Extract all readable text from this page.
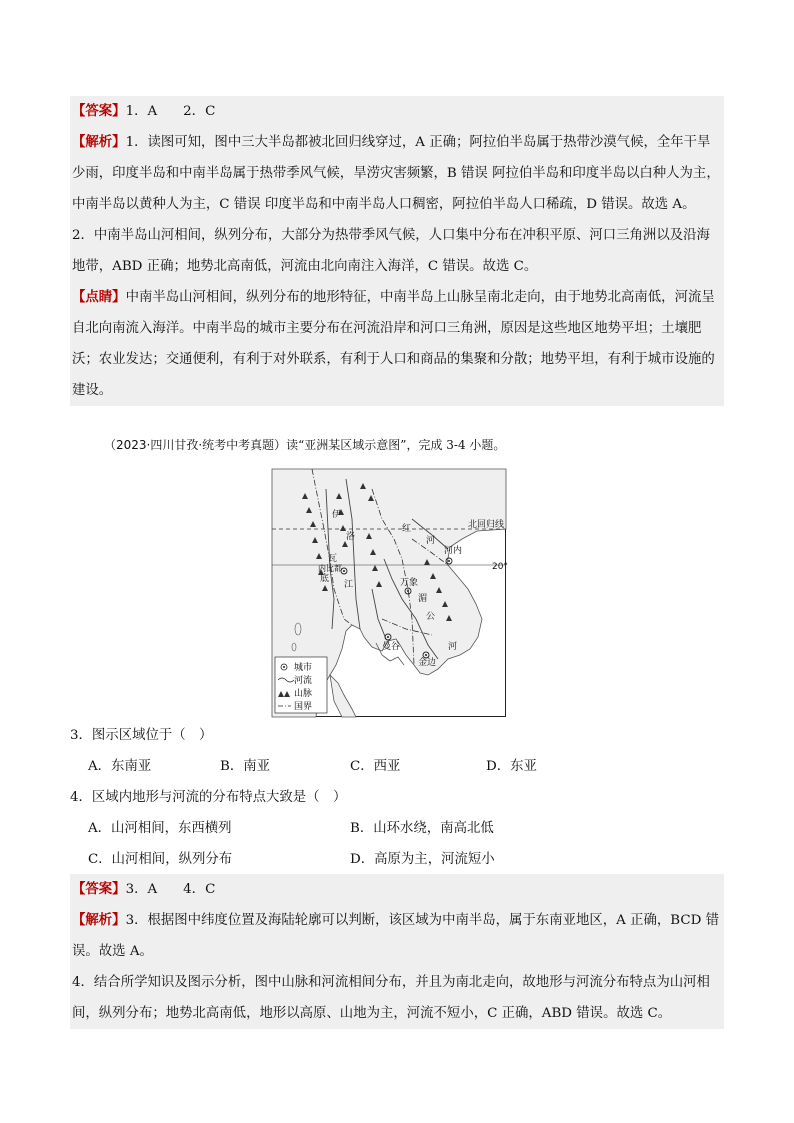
【答案】1．A 2．C

【解析】1．读图可知，图中三大半岛都被北回归线穿过，A 正确；阿拉伯半岛属于热带沙漠气候，全年干旱少雨，印度半岛和中南半岛属于热带季风气候，旱涝灾害频繁，B 错误 阿拉伯半岛和印度半岛以白种人为主，中南半岛以黄种人为主，C 错误 印度半岛和中南半岛人口稠密，阿拉伯半岛人口稀疏，D 错误。故选 A。

2．中南半岛山河相间，纵列分布，大部分为热带季风气候，人口集中分布在冲积平原、河口三角洲以及沿海地带，ABD 正确；地势北高南低，河流由北向南注入海洋，C 错误。故选 C。

【点睛】中南半岛山河相间，纵列分布的地形特征，中南半岛上山脉呈南北走向，由于地势北高南低，河流呈自北向南流入海洋。中南半岛的城市主要分布在河流沿岸和河口三角洲，原因是这些地区地势平坦；土壤肥沃；农业发达；交通便利，有利于对外联系，有利于人口和商品的集聚和分散；地势平坦，有利于城市设施的建设。

（2023·四川甘孜·统考中考真题）读“亚洲某区域示意图”，完成 3-4 小题。
北回归线
20°
河内
万象
曼谷
金边
红
河
伊
洛
瓦
底
江
湄
公
河
内比都
城市
河流
山脉
国界
3．图示区域位于（　）
A．东南亚	B．南亚	C．西亚	D．东亚
4．区域内地形与河流的分布特点大致是（　）
A．山河相间，东西横列	B．山环水绕，南高北低
C．山河相间，纵列分布	D．高原为主，河流短小

【答案】3．A 4．C

【解析】3．根据图中纬度位置及海陆轮廓可以判断，该区域为中南半岛，属于东南亚地区，A 正确，BCD 错误。故选 A。

4．结合所学知识及图示分析，图中山脉和河流相间分布，并且为南北走向，故地形与河流分布特点为山河相间，纵列分布；地势北高南低，地形以高原、山地为主，河流不短小，C 正确，ABD 错误。故选 C。
